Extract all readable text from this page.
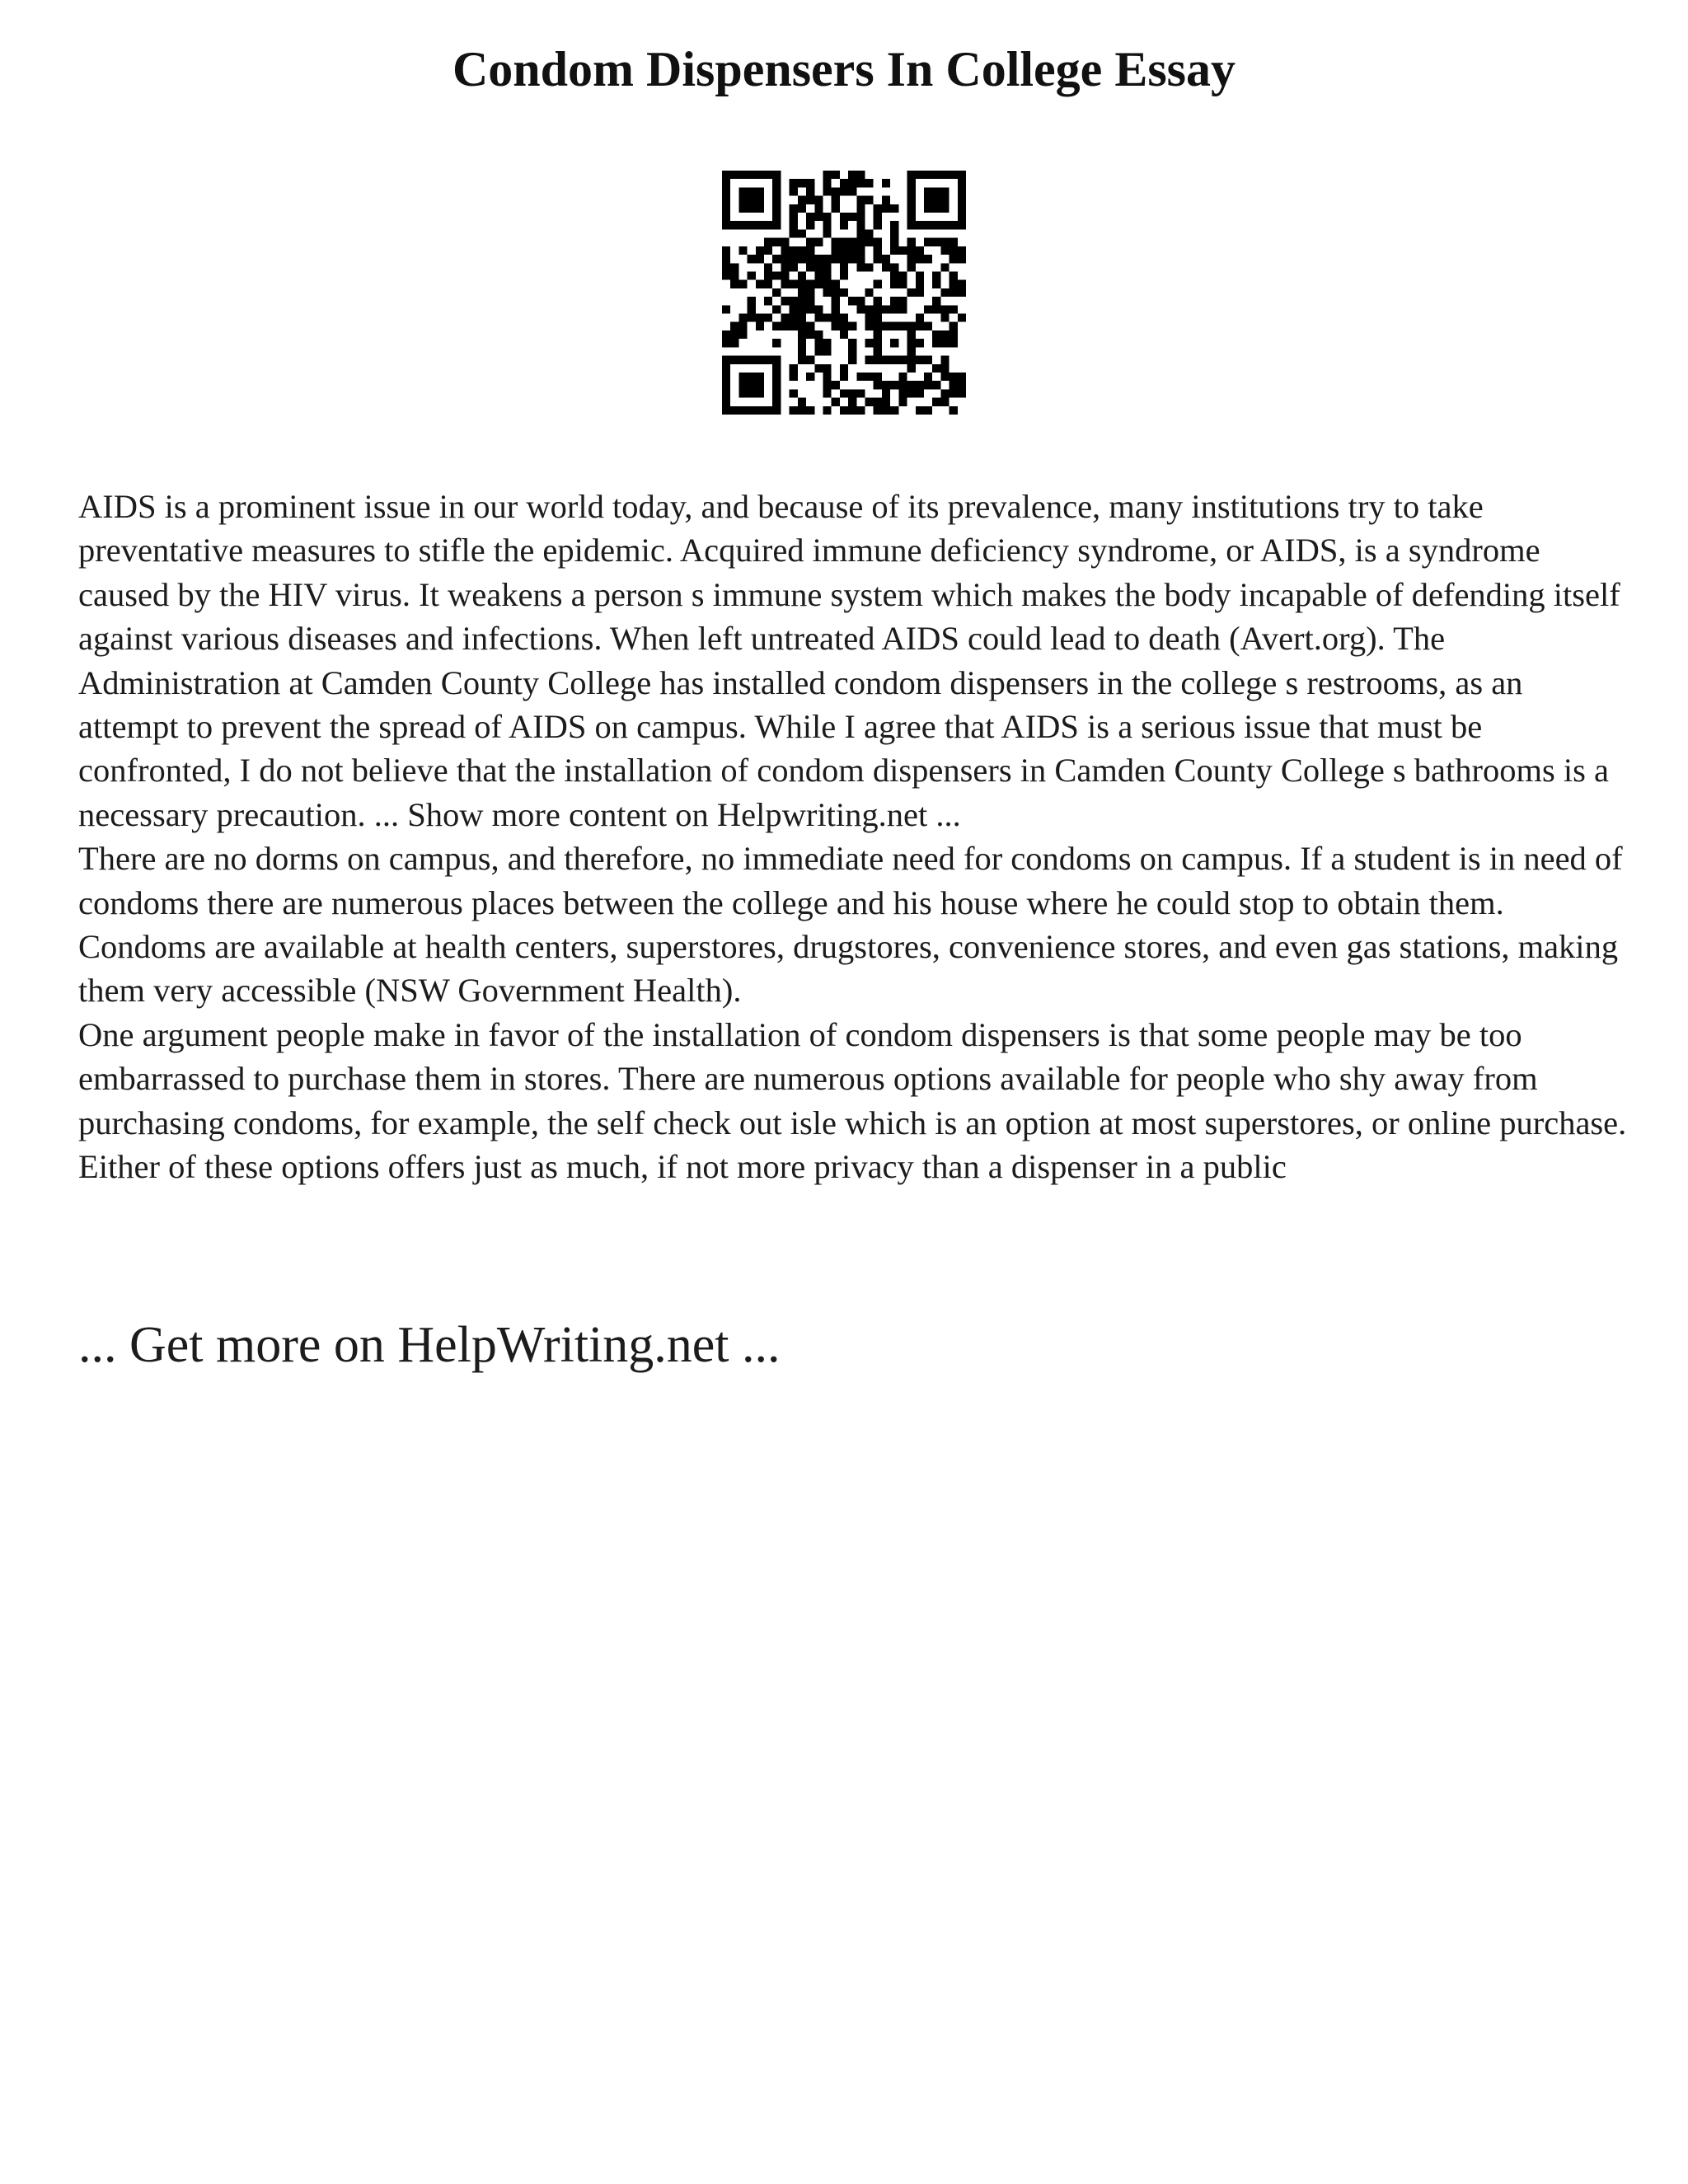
Condom Dispensers In College Essay

AIDS is a prominent issue in our world today, and because of its prevalence, many institutions try to take preventative measures to stifle the epidemic. Acquired immune deficiency syndrome, or AIDS, is a syndrome caused by the HIV virus. It weakens a person s immune system which makes the body incapable of defending itself against various diseases and infections. When left untreated AIDS could lead to death (Avert.org). The Administration at Camden County College has installed condom dispensers in the college s restrooms, as an attempt to prevent the spread of AIDS on campus. While I agree that AIDS is a serious issue that must be confronted, I do not believe that the installation of condom dispensers in Camden County College s bathrooms is a necessary precaution. ... Show more content on Helpwriting.net ...

There are no dorms on campus, and therefore, no immediate need for condoms on campus. If a student is in need of condoms there are numerous places between the college and his house where he could stop to obtain them. Condoms are available at health centers, superstores, drugstores, convenience stores, and even gas stations, making them very accessible (NSW Government Health).

One argument people make in favor of the installation of condom dispensers is that some people may be too embarrassed to purchase them in stores. There are numerous options available for people who shy away from purchasing condoms, for example, the self check out isle which is an option at most superstores, or online purchase. Either of these options offers just as much, if not more privacy than a dispenser in a public

... Get more on HelpWriting.net ...
